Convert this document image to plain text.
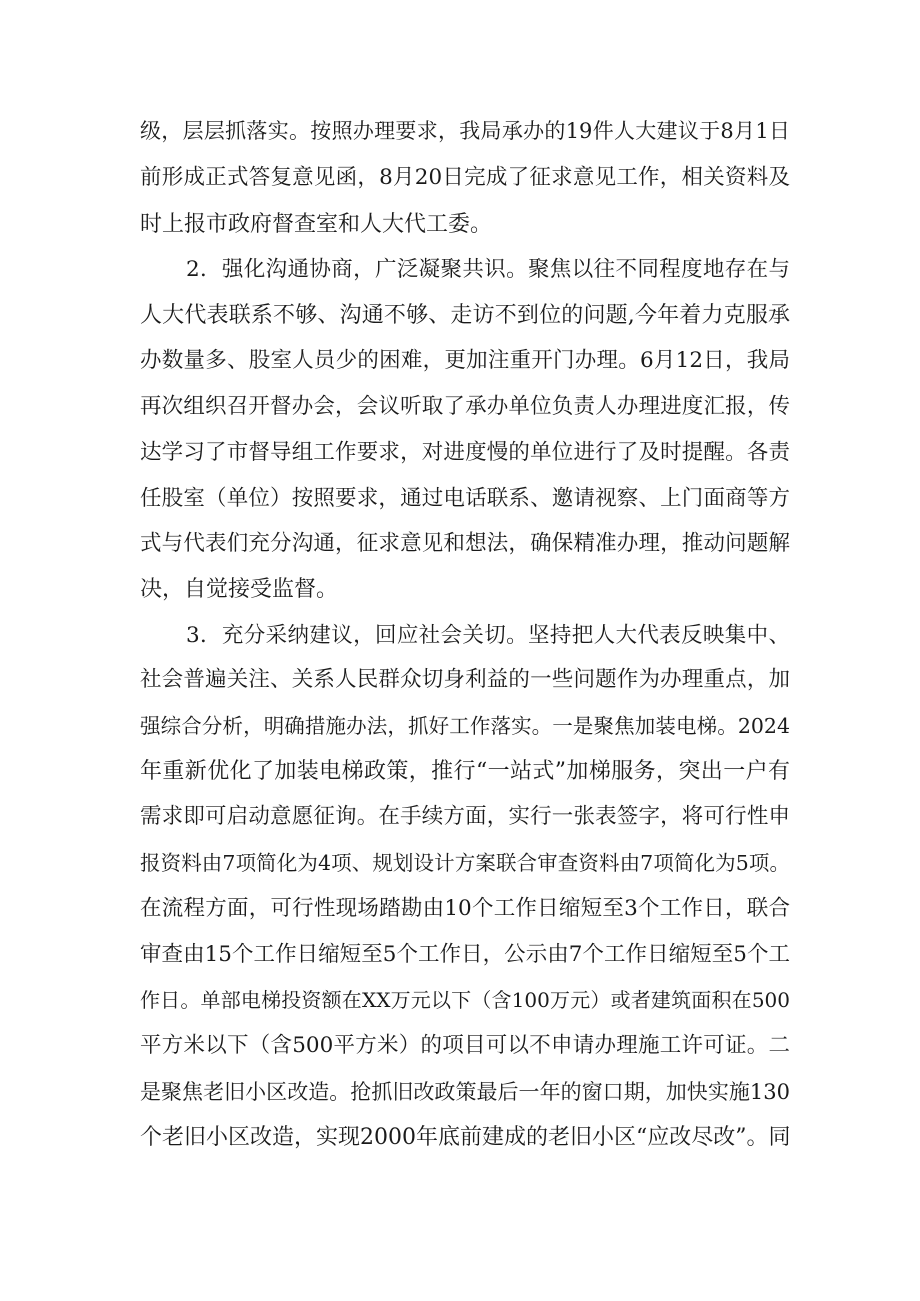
级，层层抓落实。按照办理要求，我局承办的19件人大建议于8月1日
前形成正式答复意见函，8月20日完成了征求意见工作，相关资料及
时上报市政府督查室和人大代工委。
2．强化沟通协商，广泛凝聚共识。聚焦以往不同程度地存在与
人大代表联系不够、沟通不够、走访不到位的问题,今年着力克服承
办数量多、股室人员少的困难，更加注重开门办理。6月12日，我局
再次组织召开督办会，会议听取了承办单位负责人办理进度汇报，传
达学习了市督导组工作要求，对进度慢的单位进行了及时提醒。各责
任股室（单位）按照要求，通过电话联系、邀请视察、上门面商等方
式与代表们充分沟通，征求意见和想法，确保精准办理，推动问题解
决，自觉接受监督。
3．充分采纳建议，回应社会关切。坚持把人大代表反映集中、
社会普遍关注、关系人民群众切身利益的一些问题作为办理重点，加
强综合分析，明确措施办法，抓好工作落实。一是聚焦加装电梯。2024
年重新优化了加装电梯政策，推行“一站式”加梯服务，突出一户有
需求即可启动意愿征询。在手续方面，实行一张表签字，将可行性申
报资料由7项简化为4项、规划设计方案联合审查资料由7项简化为5项。
在流程方面，可行性现场踏勘由10个工作日缩短至3个工作日，联合
审查由15个工作日缩短至5个工作日，公示由7个工作日缩短至5个工
作日。单部电梯投资额在XX万元以下（含100万元）或者建筑面积在500
平方米以下（含500平方米）的项目可以不申请办理施工许可证。二
是聚焦老旧小区改造。抢抓旧改政策最后一年的窗口期，加快实施130
个老旧小区改造，实现2000年底前建成的老旧小区“应改尽改”。同
